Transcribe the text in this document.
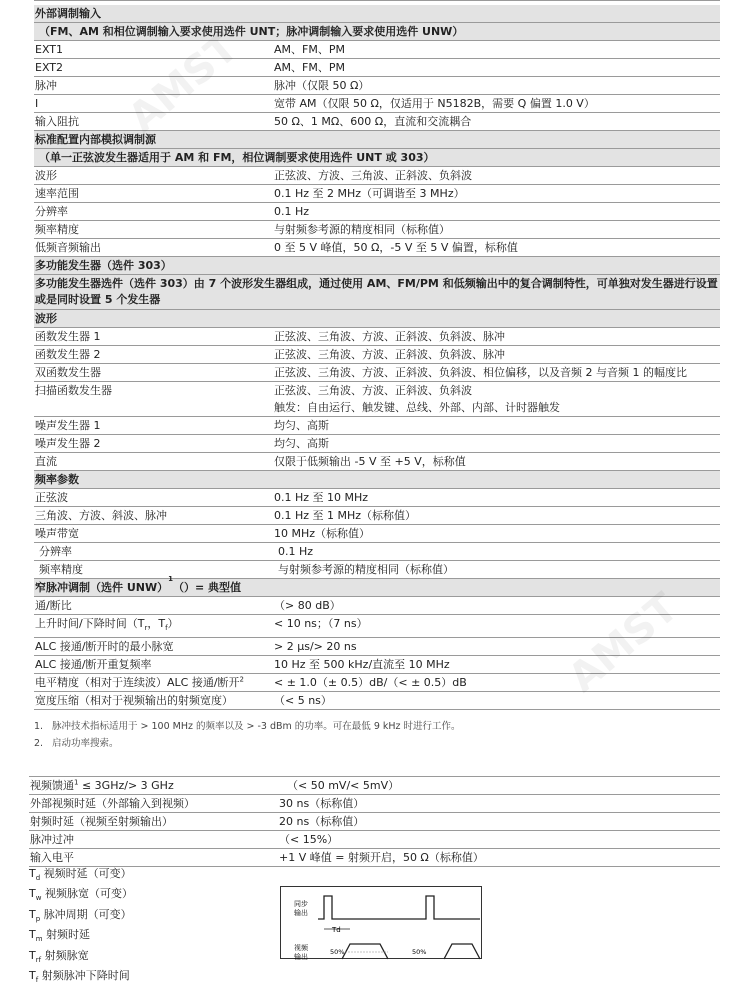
外部调制输入
（FM、AM 和相位调制输入要求使用选件 UNT；脉冲调制输入要求使用选件 UNW）
EXT1	AM、FM、PM
EXT2	AM、FM、PM
脉冲	脉冲（仅限 50 Ω）
I	宽带 AM（仅限 50 Ω，仅适用于 N5182B，需要 Q 偏置 1.0 V）
输入阻抗	50 Ω、1 MΩ、600 Ω，直流和交流耦合
标准配置内部模拟调制源
（单一正弦波发生器适用于 AM 和 FM，相位调制要求使用选件 UNT 或 303）
波形	正弦波、方波、三角波、正斜波、负斜波
速率范围	0.1 Hz 至 2 MHz（可调谐至 3 MHz）
分辨率	0.1 Hz
频率精度	与射频参考源的精度相同（标称值）
低频音频输出	0 至 5 V 峰值，50 Ω，-5 V 至 5 V 偏置，标称值
多功能发生器（选件 303）
多功能发生器选件（选件 303）由 7 个波形发生器组成，通过使用 AM、FM/PM 和低频输出中的复合调制特性，可单独对发生器进行设置或是同时设置 5 个发生器
波形
函数发生器 1	正弦波、三角波、方波、正斜波、负斜波、脉冲
函数发生器 2	正弦波、三角波、方波、正斜波、负斜波、脉冲
双函数发生器	正弦波、三角波、方波、正斜波、负斜波、相位偏移，以及音频 2 与音频 1 的幅度比
扫描函数发生器	正弦波、三角波、方波、正斜波、负斜波
触发：自由运行、触发键、总线、外部、内部、计时器触发
噪声发生器 1	均匀、高斯
噪声发生器 2	均匀、高斯
直流	仅限于低频输出 -5 V 至 +5 V，标称值
频率参数
正弦波	0.1 Hz 至 10 MHz
三角波、方波、斜波、脉冲	0.1 Hz 至 1 MHz（标称值）
噪声带宽	10 MHz（标称值）
分辨率	0.1 Hz
频率精度	与射频参考源的精度相同（标称值）
窄脉冲调制（选件 UNW）
1
（）= 典型值
通/断比	（> 80 dB）
上升时间/下降时间（$T_r$，$T_f$）	< 10 ns；（7 ns）
ALC 接通/断开时的最小脉宽	> 2 μs/> 20 ns
ALC 接通/断开重复频率	10 Hz 至 500 kHz/直流至 10 MHz
电平精度（相对于连续波）ALC 接通/断开$^2$	< ± 1.0（± 0.5）dB/（< ± 0.5）dB
宽度压缩（相对于视频输出的射频宽度）	（< 5 ns）
1. 脉冲技术指标适用于 > 100 MHz 的频率以及 > -3 dBm 的功率。可在最低 9 kHz 时进行工作。
2. 启动功率搜索。
视频馈通$^1$ ≤ 3GHz/> 3 GHz	（< 50 mV/< 5mV）
外部视频时延（外部输入到视频）	30 ns（标称值）
射频时延（视频至射频输出）	20 ns（标称值）
脉冲过冲	（< 15%）
输入电平	+1 V 峰值 = 射频开启，50 Ω（标称值）
$T_d$ 视频时延（可变）
$T_w$ 视频脉宽（可变）
$T_p$ 脉冲周期（可变）
$T_m$ 射频时延
$T_{rf}$ 射频脉宽
$T_f$ 射频脉冲下降时间
同步
输出
Td
视频
输出
50%	50%
AMST
AMST
